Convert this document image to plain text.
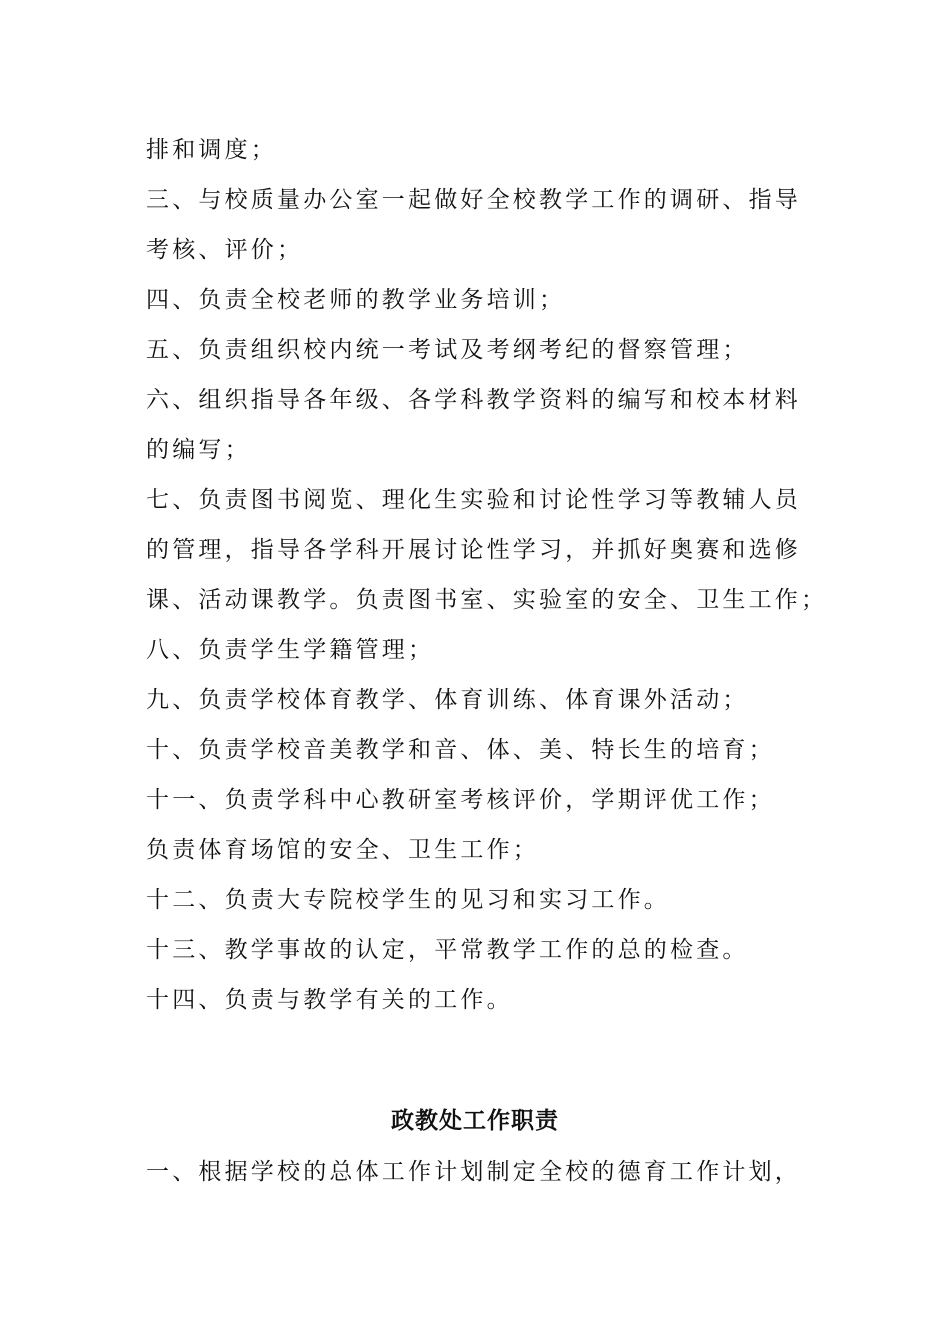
排和调度；
三、与校质量办公室一起做好全校教学工作的调研、指导
考核、评价；
四、负责全校老师的教学业务培训；
五、负责组织校内统一考试及考纲考纪的督察管理；
六、组织指导各年级、各学科教学资料的编写和校本材料
的编写；
七、负责图书阅览、理化生实验和讨论性学习等教辅人员
的管理，指导各学科开展讨论性学习，并抓好奥赛和选修
课、活动课教学。负责图书室、实验室的安全、卫生工作；
八、负责学生学籍管理；
九、负责学校体育教学、体育训练、体育课外活动；
十、负责学校音美教学和音、体、美、特长生的培育；
十一、负责学科中心教研室考核评价，学期评优工作；
负责体育场馆的安全、卫生工作；
十二、负责大专院校学生的见习和实习工作。
十三、教学事故的认定，平常教学工作的总的检查。
十四、负责与教学有关的工作。
政教处工作职责
一、根据学校的总体工作计划制定全校的德育工作计划，
